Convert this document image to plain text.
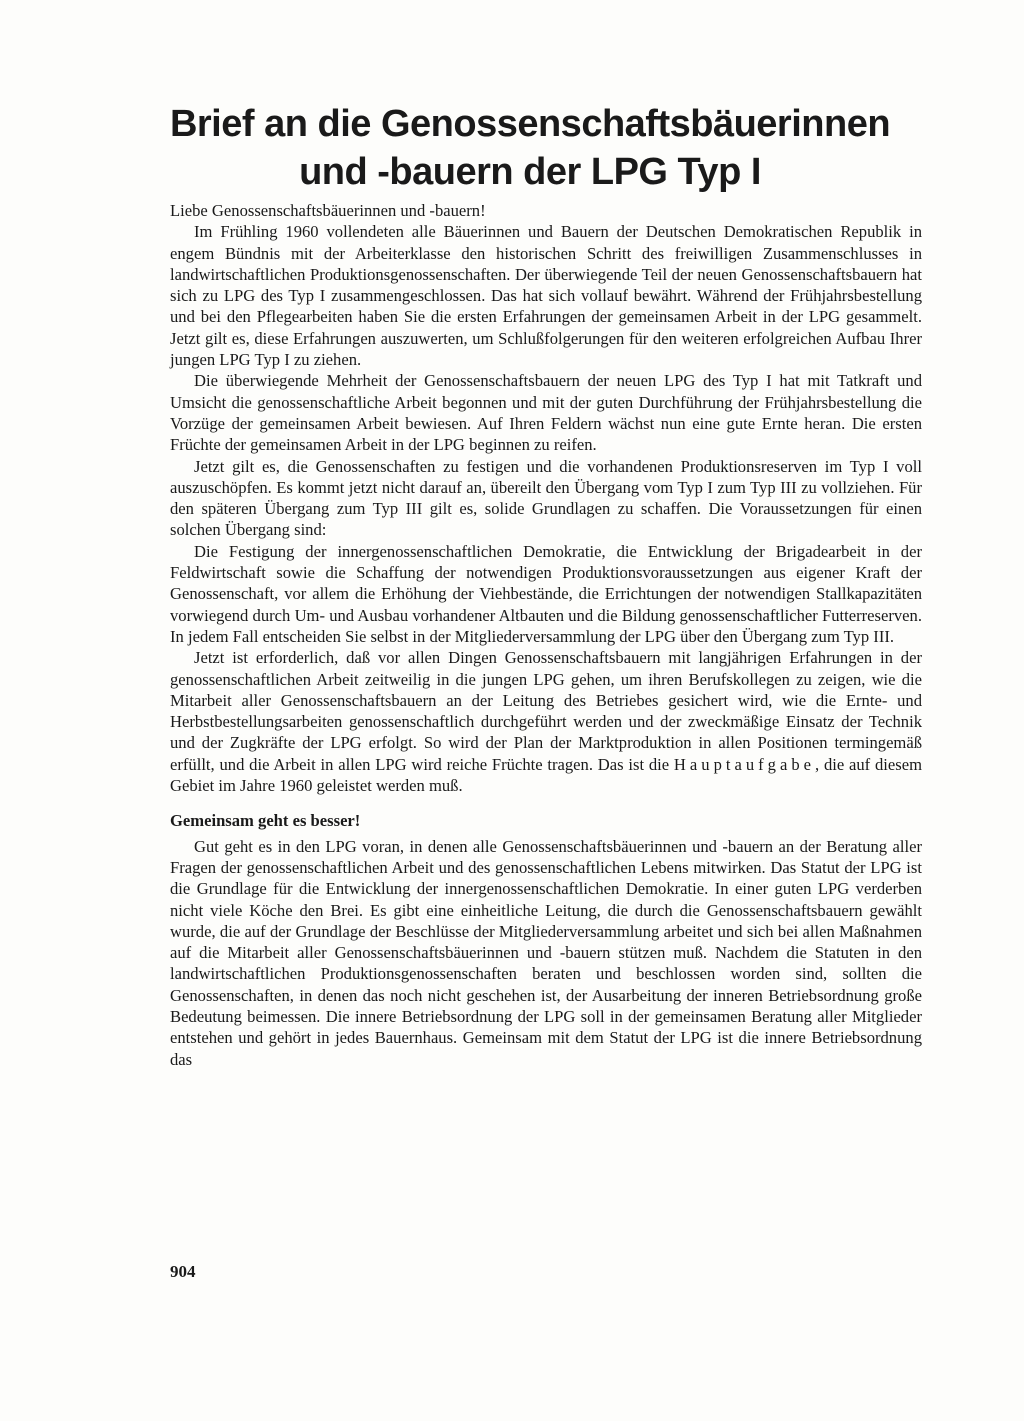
Brief an die Genossenschaftsbäuerinnen
und -bauern der LPG Typ I

Liebe Genossenschaftsbäuerinnen und -bauern!

Im Frühling 1960 vollendeten alle Bäuerinnen und Bauern der Deutschen Demokratischen Republik in engem Bündnis mit der Arbeiterklasse den historischen Schritt des freiwilligen Zusammenschlusses in landwirtschaftlichen Produktionsgenossenschaften. Der überwiegende Teil der neuen Genossenschaftsbauern hat sich zu LPG des Typ I zusammengeschlossen. Das hat sich vollauf bewährt. Während der Frühjahrsbestellung und bei den Pflegearbeiten haben Sie die ersten Erfahrungen der gemeinsamen Arbeit in der LPG gesammelt. Jetzt gilt es, diese Erfahrungen auszuwerten, um Schlußfolgerungen für den weiteren erfolgreichen Aufbau Ihrer jungen LPG Typ I zu ziehen.

Die überwiegende Mehrheit der Genossenschaftsbauern der neuen LPG des Typ I hat mit Tatkraft und Umsicht die genossenschaftliche Arbeit begonnen und mit der guten Durchführung der Frühjahrsbestellung die Vorzüge der gemeinsamen Arbeit bewiesen. Auf Ihren Feldern wächst nun eine gute Ernte heran. Die ersten Früchte der gemeinsamen Arbeit in der LPG beginnen zu reifen.

Jetzt gilt es, die Genossenschaften zu festigen und die vorhandenen Produktionsreserven im Typ I voll auszuschöpfen. Es kommt jetzt nicht darauf an, übereilt den Übergang vom Typ I zum Typ III zu vollziehen. Für den späteren Übergang zum Typ III gilt es, solide Grundlagen zu schaffen. Die Voraussetzungen für einen solchen Übergang sind:

Die Festigung der innergenossenschaftlichen Demokratie, die Entwicklung der Brigadearbeit in der Feldwirtschaft sowie die Schaffung der notwendigen Produktionsvoraussetzungen aus eigener Kraft der Genossenschaft, vor allem die Erhöhung der Viehbestände, die Errichtungen der notwendigen Stallkapazitäten vorwiegend durch Um- und Ausbau vorhandener Altbauten und die Bildung genossenschaftlicher Futterreserven. In jedem Fall entscheiden Sie selbst in der Mitgliederversammlung der LPG über den Übergang zum Typ III.

Jetzt ist erforderlich, daß vor allen Dingen Genossenschaftsbauern mit langjährigen Erfahrungen in der genossenschaftlichen Arbeit zeitweilig in die jungen LPG gehen, um ihren Berufskollegen zu zeigen, wie die Mitarbeit aller Genossenschaftsbauern an der Leitung des Betriebes gesichert wird, wie die Ernte- und Herbstbestellungsarbeiten genossenschaftlich durchgeführt werden und der zweckmäßige Einsatz der Technik und der Zugkräfte der LPG erfolgt. So wird der Plan der Marktproduktion in allen Positionen termingemäß erfüllt, und die Arbeit in allen LPG wird reiche Früchte tragen. Das ist die Hauptaufgabe, die auf diesem Gebiet im Jahre 1960 geleistet werden muß.

Gemeinsam geht es besser!

Gut geht es in den LPG voran, in denen alle Genossenschaftsbäuerinnen und -bauern an der Beratung aller Fragen der genossenschaftlichen Arbeit und des genossenschaftlichen Lebens mitwirken. Das Statut der LPG ist die Grundlage für die Entwicklung der innergenossenschaftlichen Demokratie. In einer guten LPG verderben nicht viele Köche den Brei. Es gibt eine einheitliche Leitung, die durch die Genossenschaftsbauern gewählt wurde, die auf der Grundlage der Beschlüsse der Mitgliederversammlung arbeitet und sich bei allen Maßnahmen auf die Mitarbeit aller Genossenschaftsbäuerinnen und -bauern stützen muß. Nachdem die Statuten in den landwirtschaftlichen Produktionsgenossenschaften beraten und beschlossen worden sind, sollten die Genossenschaften, in denen das noch nicht geschehen ist, der Ausarbeitung der inneren Betriebsordnung große Bedeutung beimessen. Die innere Betriebsordnung der LPG soll in der gemeinsamen Beratung aller Mitglieder entstehen und gehört in jedes Bauernhaus. Gemeinsam mit dem Statut der LPG ist die innere Betriebsordnung das

904
